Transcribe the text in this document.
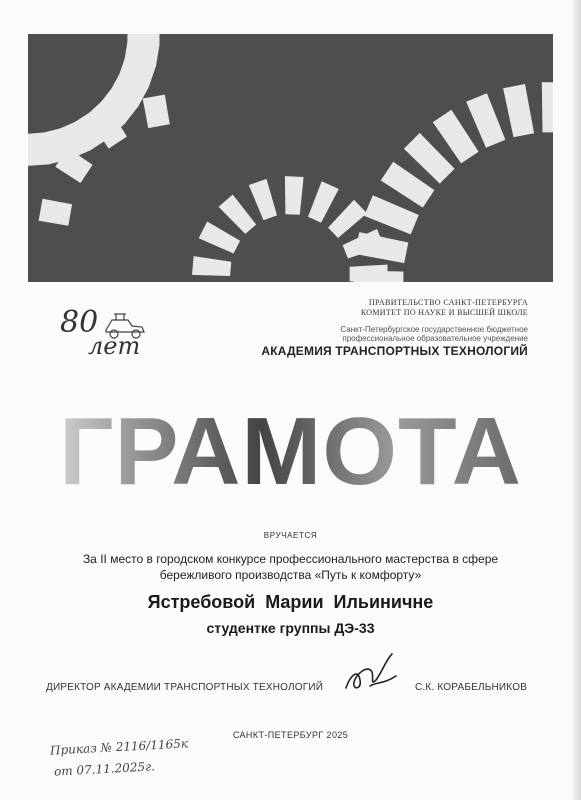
80
лет
ПРАВИТЕЛЬСТВО САНКТ-ПЕТЕРБУРГА
КОМИТЕТ ПО НАУКЕ И ВЫСШЕЙ ШКОЛЕ
Санкт-Петербургское государственное бюджетное
профессиональное образовательное учреждение
АКАДЕМИЯ ТРАНСПОРТНЫХ ТЕХНОЛОГИЙ
ГРАМОТА
ВРУЧАЕТСЯ
За II место в городском конкурсе профессионального мастерства в сфере
бережливого производства «Путь к комфорту»
Ястребовой Марии Ильиничне
студентке группы ДЭ-33
ДИРЕКТОР АКАДЕМИИ ТРАНСПОРТНЫХ ТЕХНОЛОГИЙ	С.К. КОРАБЕЛЬНИКОВ
САНКТ-ПЕТЕРБУРГ 2025
Приказ № 2116/1165к
от 07.11.2025г.
